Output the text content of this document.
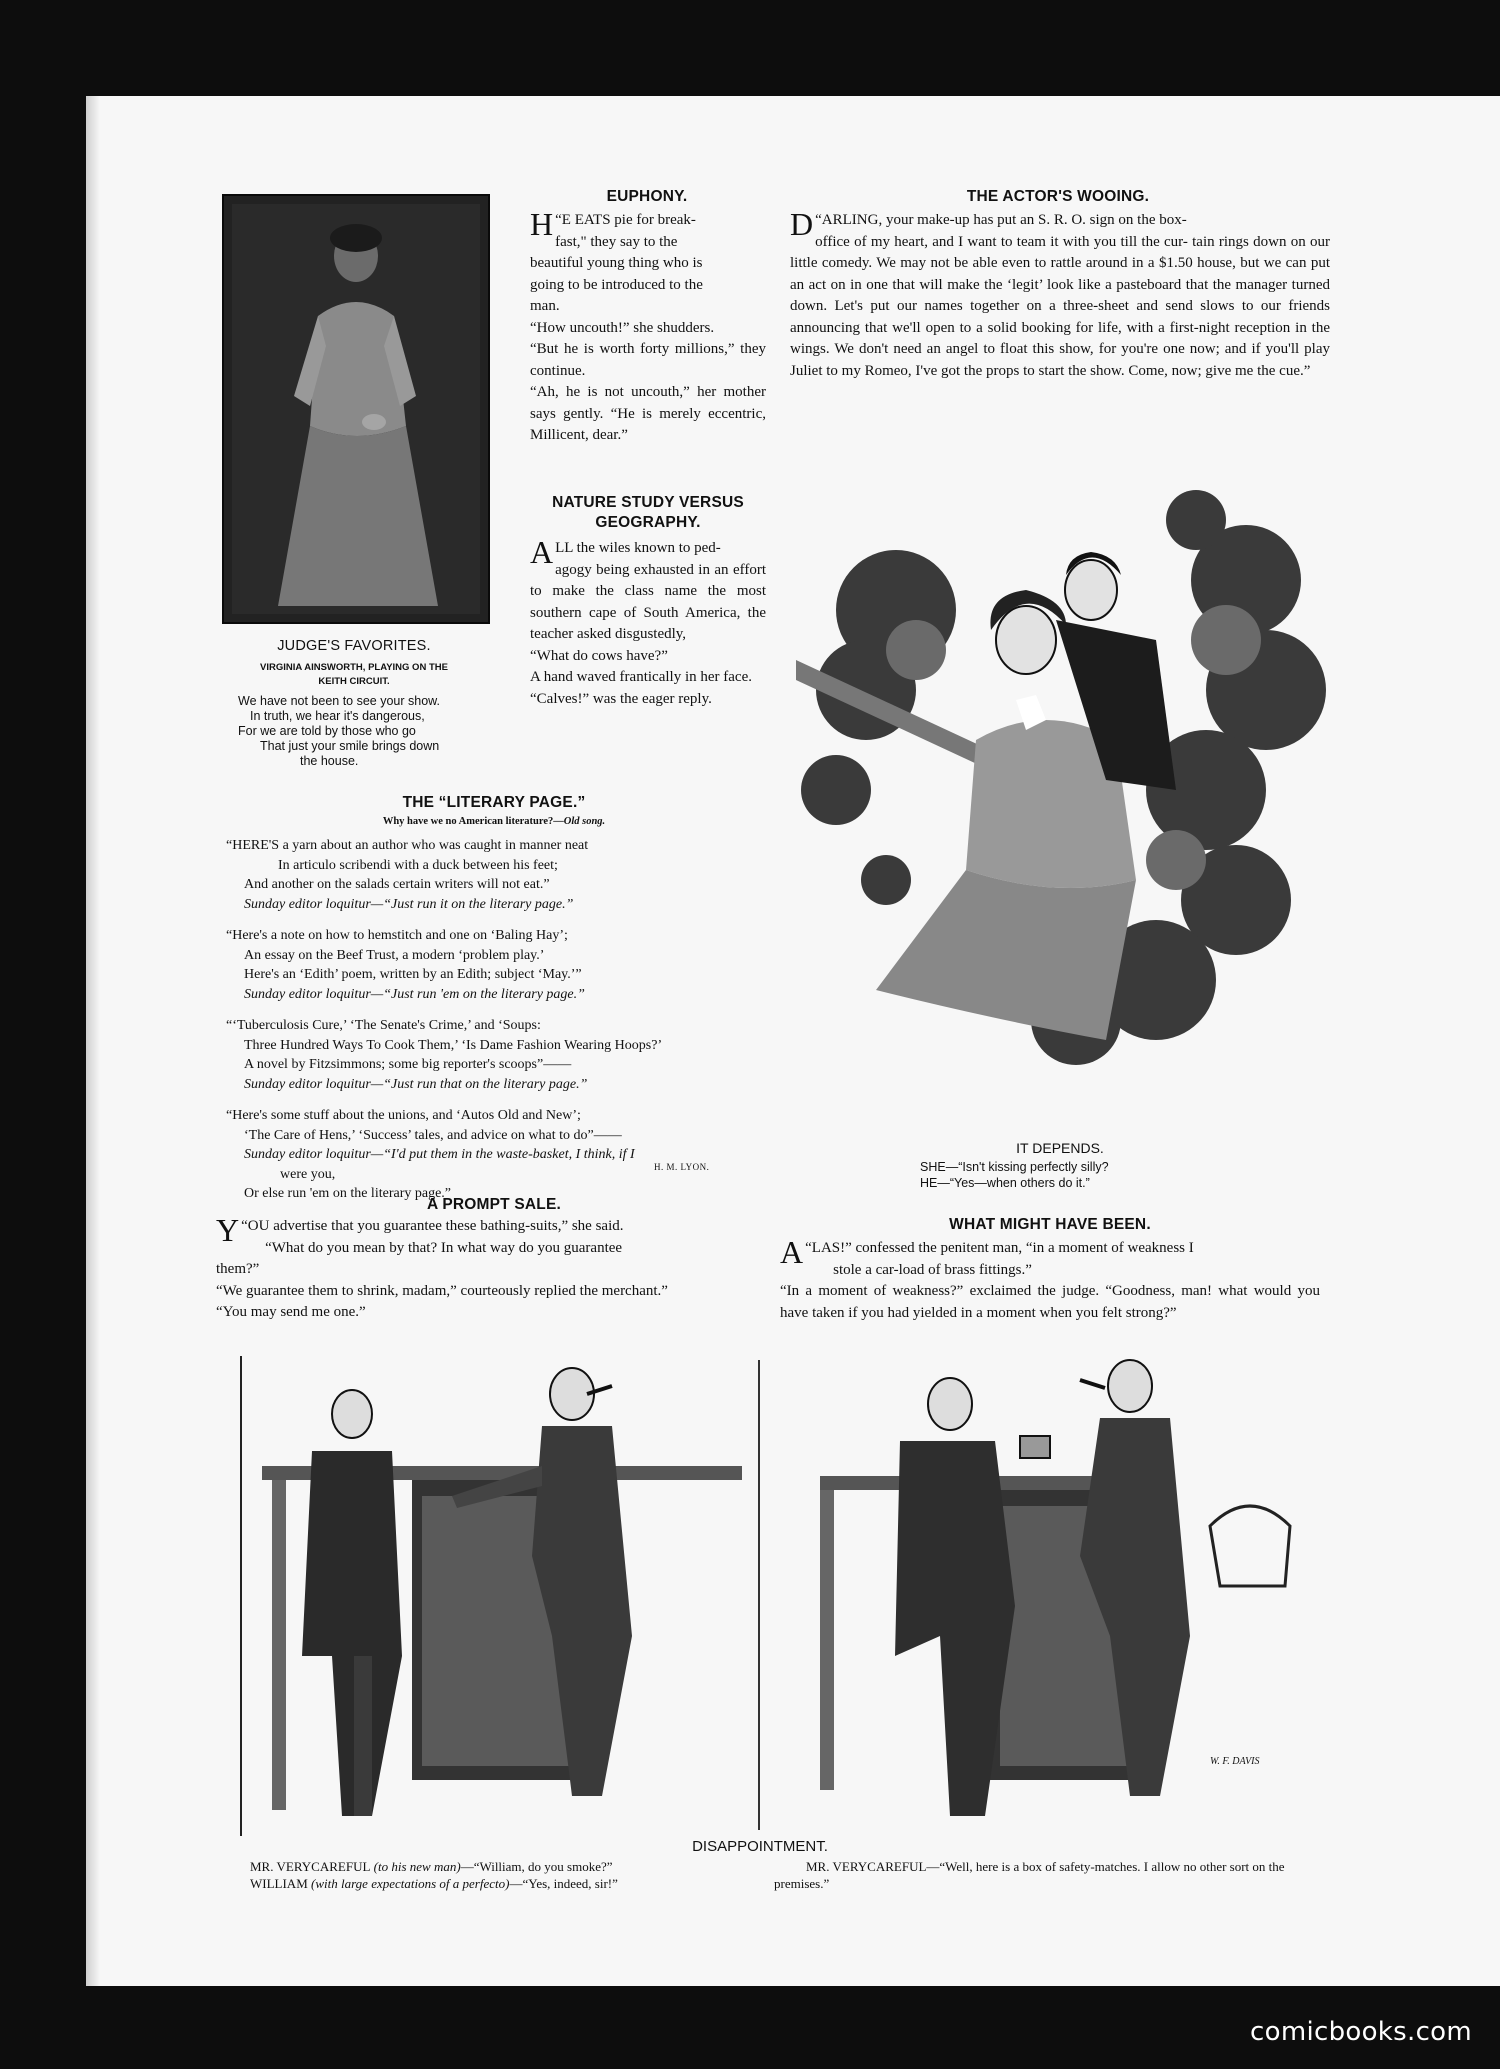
JUDGE'S FAVORITES.
VIRGINIA AINSWORTH, PLAYING ON THE
KEITH CIRCUIT.
We have not been to see your show.
In truth, we hear it's dangerous,
For we are told by those who go
That just your smile brings down
the house.
EUPHONY.

“
H E EATS pie for break-
fast," they say to the
beautiful young thing who is
going to be introduced to the
man.

“How uncouth!” she shudders.

“But he is worth forty millions,” they continue.

“Ah, he is not uncouth,” her mother says gently. “He is merely eccentric, Millicent, dear.”

NATURE STUDY VERSUS
GEOGRAPHY.

ALL the wiles known to ped-
agogy being exhausted in an effort to make the class name the most southern cape of South America, the teacher asked disgustedly,

“What do cows have?”

A hand waved frantically in her face.

“Calves!” was the eager reply.

THE ACTOR'S WOOING.

“
D ARLING, your make-up has put an S. R. O. sign on the box-
office of my heart, and I want to team it with you till the cur- tain rings down on our little comedy. We may not be able even to rattle around in a $1.50 house, but we can put an act on in one that will make the ‘legit’ look like a pasteboard that the manager turned down. Let's put our names together on a three-sheet and send slows to our friends announcing that we'll open to a solid booking for life, with a first-night reception in the wings. We don't need an angel to float this show, for you're one now; and if you'll play Juliet to my Romeo, I've got the props to start the show. Come, now; give me the cue.”

IT DEPENDS.
SHE—“Isn't kissing perfectly silly?
HE—“Yes—when others do it.”
THE “LITERARY PAGE.”
Why have we no American literature?—Old song.
“HERE'S a yarn about an author who was caught in manner neat
In articulo scribendi with a duck between his feet;
And another on the salads certain writers will not eat.”
Sunday editor loquitur—“Just run it on the literary page.”
“Here's a note on how to hemstitch and one on ‘Baling Hay’;
An essay on the Beef Trust, a modern ‘problem play.’
Here's an ‘Edith’ poem, written by an Edith; subject ‘May.’”
Sunday editor loquitur—“Just run 'em on the literary page.”
“‘Tuberculosis Cure,’ ‘The Senate's Crime,’ and ‘Soups:
Three Hundred Ways To Cook Them,’ ‘Is Dame Fashion Wearing Hoops?’
A novel by Fitzsimmons; some big reporter's scoops”——
Sunday editor loquitur—“Just run that on the literary page.”
“Here's some stuff about the unions, and ‘Autos Old and New’;
‘The Care of Hens,’ ‘Success’ tales, and advice on what to do”——
Sunday editor loquitur—“I'd put them in the waste-basket, I think, if I
were you,
Or else run 'em on the literary page.”
H. M. LYON.
A PROMPT SALE.

“
Y OU advertise that you guarantee these bathing-suits,” she said.
“What do you mean by that? In what way do you guarantee
them?”

“We guarantee them to shrink, madam,” courteously replied the merchant.”

“You may send me one.”

WHAT MIGHT HAVE BEEN.

“
A LAS!” confessed the penitent man, “in a moment of weakness I
stole a car-load of brass fittings.”

“In a moment of weakness?” exclaimed the judge. “Goodness, man! what would you have taken if you had yielded in a moment when you felt strong?”

W. F. DAVIS
DISAPPOINTMENT.
MR. VERYCAREFUL (to his new man)—“William, do you smoke?”
WILLIAM (with large expectations of a perfecto)—“Yes, indeed, sir!”
MR. VERYCAREFUL—“Well, here is a box of safety-matches. I allow no other sort on the premises.”
comicbooks.com
